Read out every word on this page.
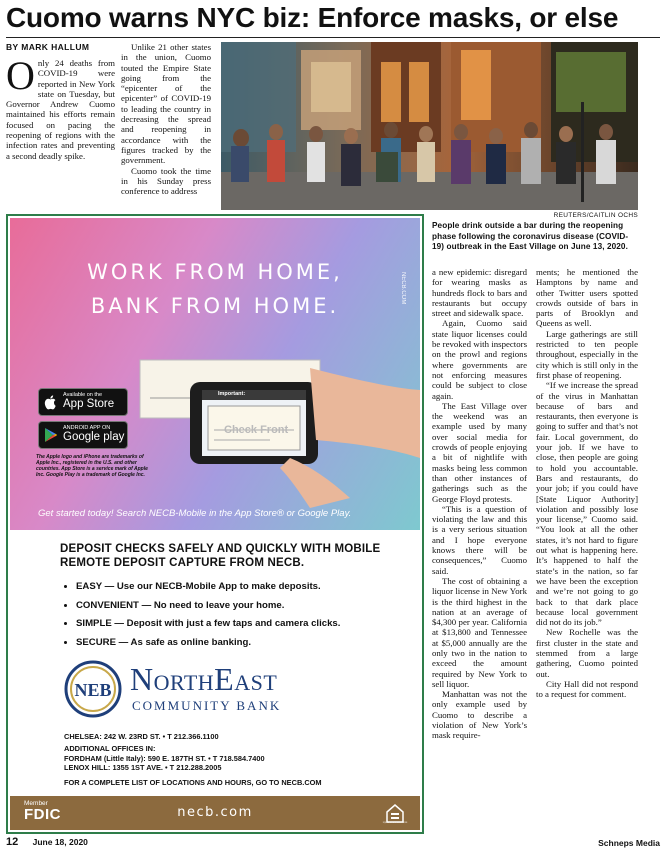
Cuomo warns NYC biz: Enforce masks, or else
BY MARK HALLUM

Only 24 deaths from COVID-19 were reported in New York state on Tuesday, but Governor Andrew Cuomo maintained his efforts remain focused on pacing the reopening of regions with the infection rates and preventing a second deadly spike.

Unlike 21 other states in the union, Cuomo touted the Empire State going from the “epicenter of the epicenter” of COVID-19 to leading the country in decreasing the spread and reopening in accordance with the figures tracked by the government.

Cuomo took the time in his Sunday press conference to address

REUTERS/CAITLIN OCHS
People drink outside a bar during the reopening phase following the coronavirus disease (COVID-19) outbreak in the East Village on June 13, 2020.
WORK FROM HOME,
BANK FROM HOME.
NECB.COM
Important:
Check Front
Available on the
App Store
ANDROID APP ON
Google play
The Apple logo and iPhone are trademarks of Apple Inc., registered in the U.S. and other countries. App Store is a service mark of Apple Inc. Google Play is a trademark of Google Inc.
Get started today! Search NECB-Mobile in the App Store® or Google Play.
DEPOSIT CHECKS SAFELY AND QUICKLY WITH MOBILE
REMOTE DEPOSIT CAPTURE FROM NECB.
• EASY — Use our NECB-Mobile App to make deposits.
• CONVENIENT — No need to leave your home.
• SIMPLE — Deposit with just a few taps and camera clicks.
• SECURE — As safe as online banking.
NEB NorthEast
COMMUNITY BANK
CHELSEA: 242 W. 23RD ST. • T 212.366.1100
ADDITIONAL OFFICES IN:
FORDHAM (Little Italy): 590 E. 187TH ST. • T 718.584.7400
LENOX HILL: 1355 1ST AVE. • T 212.288.2005
FOR A COMPLETE LIST OF LOCATIONS AND HOURS, GO TO NECB.COM
Member
FDIC	necb.com
EQUAL HOUSING LENDER

a new epidemic: disregard for wearing masks as hundreds flock to bars and restaurants but occupy street and sidewalk space.

Again, Cuomo said state liquor licenses could be revoked with inspectors on the prowl and regions where governments are not enforcing measures could be subject to close again.

The East Village over the weekend was an example used by many over social media for crowds of people enjoying a bit of nightlife with masks being less common than other instances of gatherings such as the George Floyd protests.

“This is a question of violating the law and this is a very serious situation and I hope everyone knows there will be consequences,” Cuomo said.

The cost of obtaining a liquor license in New York is the third highest in the nation at an average of $4,300 per year. California at $13,800 and Tennessee at $5,000 annually are the only two in the nation to exceed the amount required by New York to sell liquor.

Manhattan was not the only example used by Cuomo to describe a violation of New York’s mask require-

ments; he mentioned the Hamptons by name and other Twitter users spotted crowds outside of bars in parts of Brooklyn and Queens as well.

Large gatherings are still restricted to ten people throughout, especially in the city which is still only in the first phase of reopening.

“If we increase the spread of the virus in Manhattan because of bars and restaurants, then everyone is going to suffer and that’s not fair. Local government, do your job. If we have to close, then people are going to hold you accountable. Bars and restaurants, do your job; if you could have [State Liquor Authority] violation and possibly lose your license,” Cuomo said. “You look at all the other states, it’s not hard to figure out what is happening here. It’s happened to half the state’s in the nation, so far we have been the exception and we’re not going to go back to that dark place because local government did not do its job.”

New Rochelle was the first cluster in the state and stemmed from a large gathering, Cuomo pointed out.

City Hall did not respond to a request for comment.

12 June 18, 2020	Schneps Media
